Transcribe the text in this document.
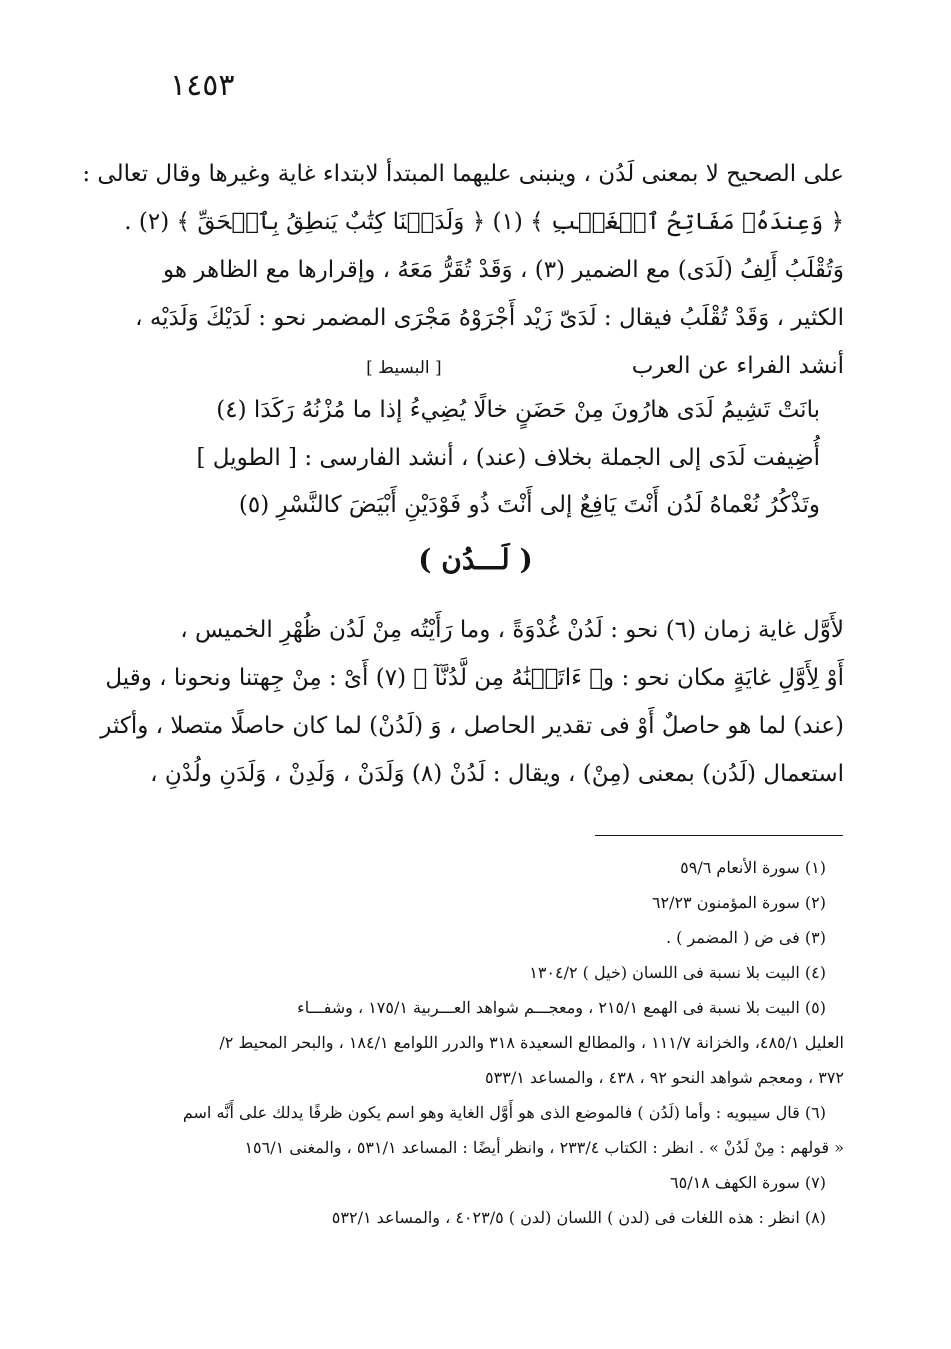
١٤٥٣
على الصحيح لا بمعنى لَدُن ، وينبنى عليهما المبتدأ لابتداء غاية وغيرها وقال تعالى :
﴿ وَعِندَهُۥ مَفَاتِحُ ٱلۡغَيۡبِ ﴾ (١) ﴿ وَلَدَيۡنَا كِتَٰبٌ يَنطِقُ بِٱلۡحَقِّ ﴾ (٢) .
وَتُقْلَبُ أَلِفُ (لَدَى) مع الضمير (٣) ، وَقَدْ تُقَرُّ مَعَهُ ، وإقرارها مع الظاهر هو
الكثير ، وَقَدْ تُقْلَبُ فيقال : لَدَىّ زَيْد أَجْرَوْهُ مَجْرَى المضمر نحو : لَدَيْكَ وَلَدَيْه ،
أنشد الفراء عن العرب[ البسيط ]
بانَتْ تَشِيمُ لَدَى هارُونَ مِنْ حَضَنٍ خالًا يُضِيءُ إذا ما مُزْنُهُ رَكَدَا (٤)
أُضِيفت لَدَى إلى الجملة بخلاف (عند) ، أنشد الفارسى : [ الطويل ]
وتَذْكُرُ نُعْماهُ لَدُن أَنْتَ يَافِعٌ إلى أَنْتَ ذُو فَوْدَيْنِ أَبْيَضَ كالنَّسْرِ (٥)
( لَـــدُن )
لأَوَّل غاية زمان (٦) نحو : لَدُنْ غُدْوَةً ، وما رَأَيْتُه مِنْ لَدُن ظُهْرِ الخميس ،
أَوْ لِأَوَّلِ غايَةٍ مكان نحو : و﴿ ءَاتَيۡنَٰهُ مِن لَّدُنَّآ ﴾ (٧) أَىْ : مِنْ جِهتنا ونحونا ، وقيل
(عند) لما هو حاصلٌ أَوْ فى تقدير الحاصل ، وَ (لَدُنْ) لما كان حاصلًا متصلا ، وأكثر
استعمال (لَدُن) بمعنى (مِنْ) ، ويقال : لَدُنْ (٨) وَلَدَنْ ، وَلَدِنْ ، وَلَدَنِ ولُدْنِ ،
(١) سورة الأنعام ٥٩/٦
(٢) سورة المؤمنون ٦٢/٢٣
(٣) فى ض ( المضمر ) .
(٤) البيت بلا نسبة فى اللسان (خيل ) ١٣٠٤/٢
(٥) البيت بلا نسبة فى الهمع ٢١٥/١ ، ومعجـــم شواهد العـــربية ١٧٥/١ ، وشفـــاء
العليل ٤٨٥/١، والخزانة ١١١/٧ ، والمطالع السعيدة ٣١٨ والدرر اللوامع ١٨٤/١ ، والبحر المحيط ٢/
٣٧٢ ، ومعجم شواهد النحو ٩٢ ، ٤٣٨ ، والمساعد ٥٣٣/١
(٦) قال سيبويه : وأما (لَدُن ) فالموضع الذى هو أَوَّل الغاية وهو اسم يكون ظرفًا يدلك على أَنَّه اسم
« قولهم : مِنْ لَدُنْ » . انظر : الكتاب ٢٣٣/٤ ، وانظر أيضًا : المساعد ٥٣١/١ ، والمغنى ١٥٦/١
(٧) سورة الكهف ٦٥/١٨
(٨) انظر : هذه اللغات فى (لدن ) اللسان (لدن ) ٤٠٢٣/٥ ، والمساعد ٥٣٢/١
